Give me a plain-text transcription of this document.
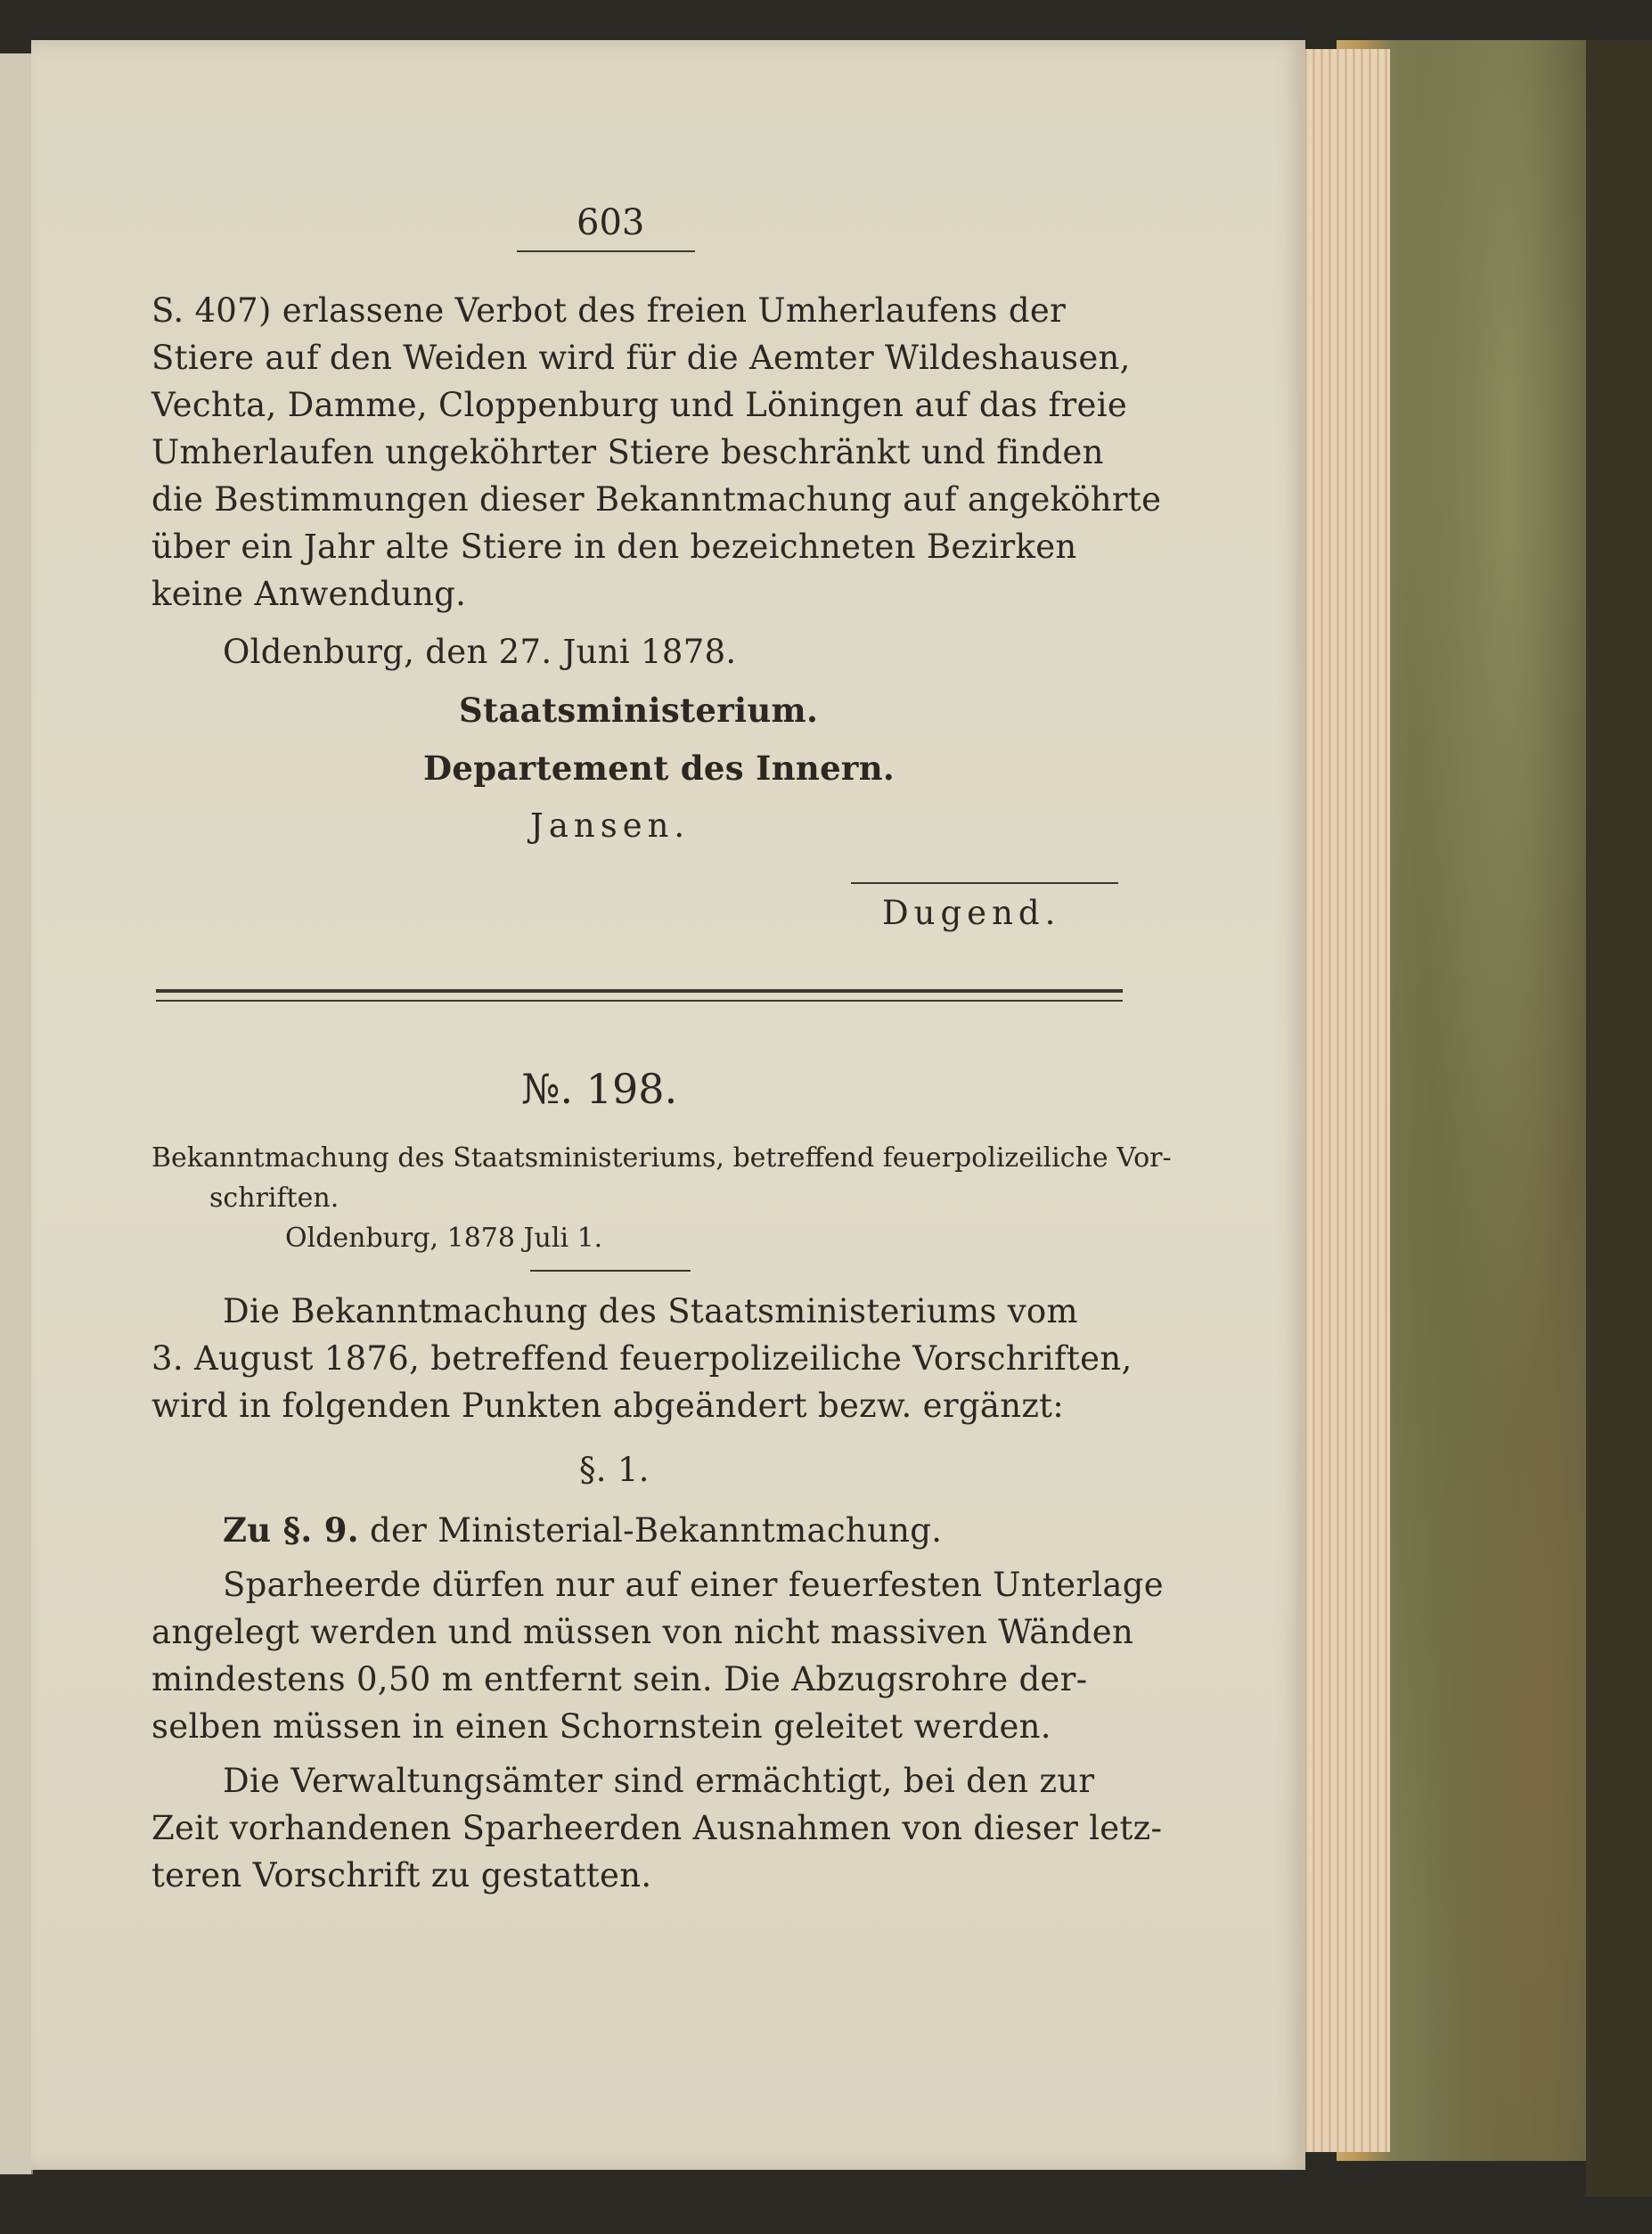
603
S. 407) erlassene Verbot des freien Umherlaufens der
Stiere auf den Weiden wird für die Aemter Wildeshausen,
Vechta, Damme, Cloppenburg und Löningen auf das freie
Umherlaufen ungeköhrter Stiere beschränkt und finden
die Bestimmungen dieser Bekanntmachung auf angeköhrte
über ein Jahr alte Stiere in den bezeichneten Bezirken
keine Anwendung.
Oldenburg, den 27. Juni 1878.
Staatsministerium.
Departement des Innern.
Jansen.
Dugend.
№. 198.
Bekanntmachung des Staatsministeriums, betreffend feuerpolizeiliche Vor-
schriften.
Oldenburg, 1878 Juli 1.
Die Bekanntmachung des Staatsministeriums vom
3. August 1876, betreffend feuerpolizeiliche Vorschriften,
wird in folgenden Punkten abgeändert bezw. ergänzt:
§. 1.
Zu §. 9. der Ministerial-Bekanntmachung.
Sparheerde dürfen nur auf einer feuerfesten Unterlage
angelegt werden und müssen von nicht massiven Wänden
mindestens 0,50 m entfernt sein. Die Abzugsrohre der-
selben müssen in einen Schornstein geleitet werden.
Die Verwaltungsämter sind ermächtigt, bei den zur
Zeit vorhandenen Sparheerden Ausnahmen von dieser letz-
teren Vorschrift zu gestatten.
